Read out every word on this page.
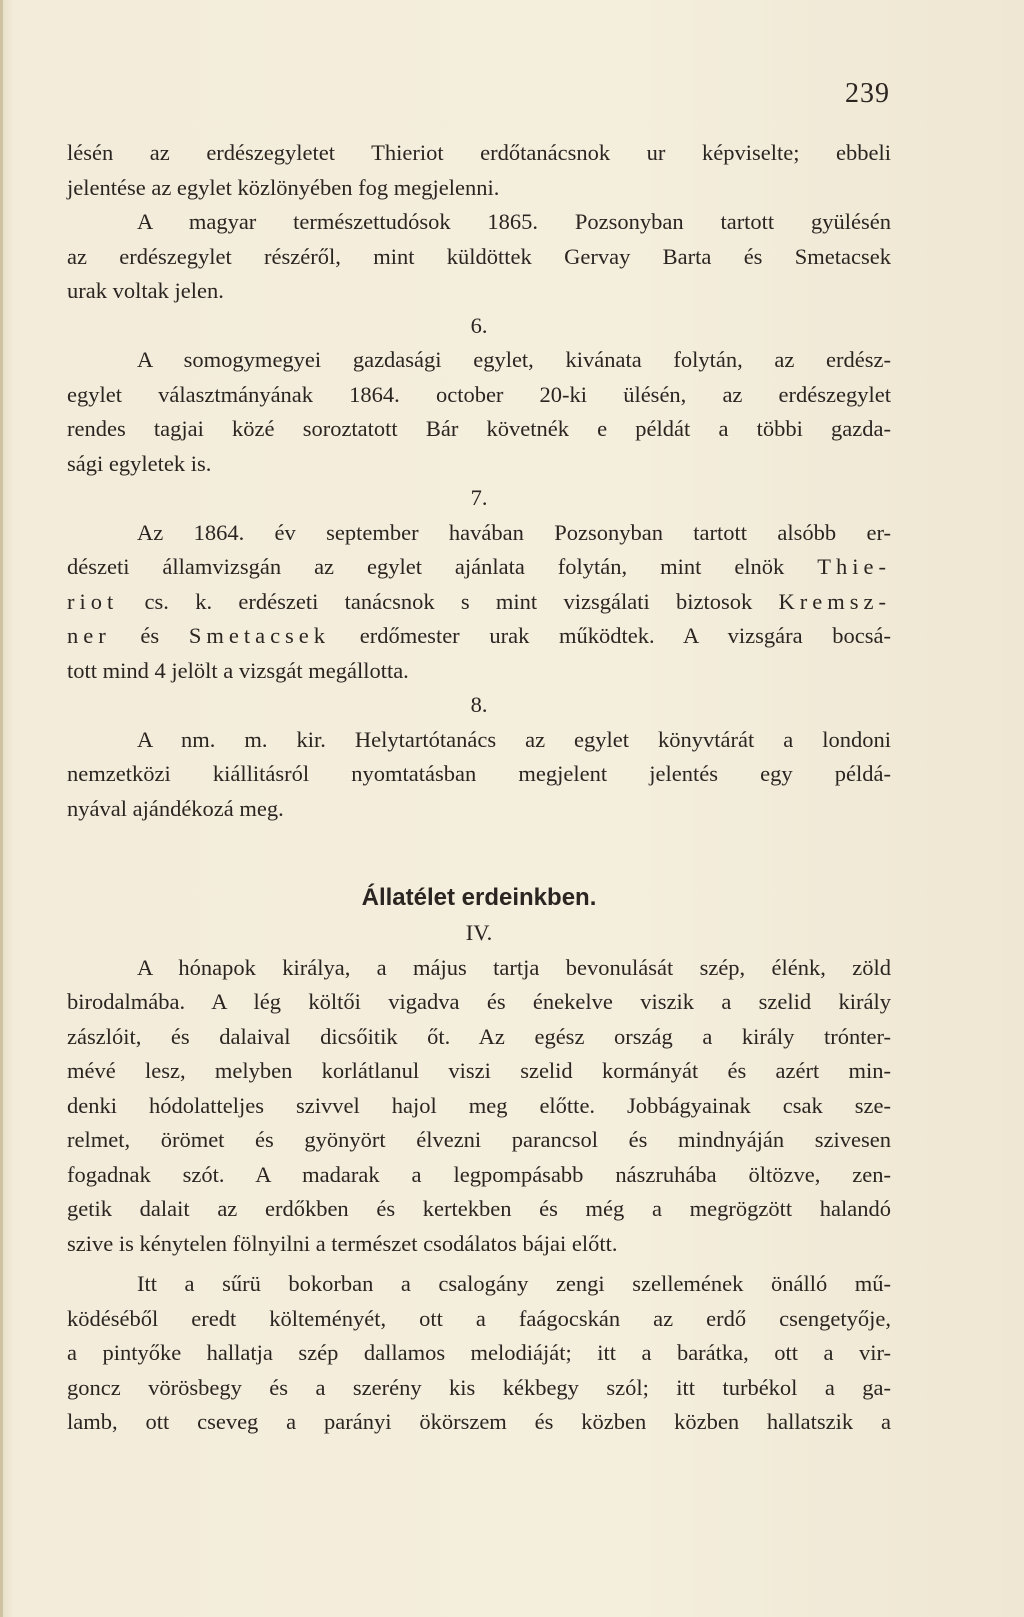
239
lésén az erdészegyletet Thieriot erdőtanácsnok ur képviselte; ebbeli
jelentése az egylet közlönyében fog megjelenni.
A magyar természettudósok 1865. Pozsonyban tartott gyülésén
az erdészegylet részéről, mint küldöttek Gervay Barta és Smetacsek
urak voltak jelen.
6.
A somogymegyei gazdasági egylet, kivánata folytán, az erdész-
egylet választmányának 1864. october 20-ki ülésén, az erdészegylet
rendes tagjai közé soroztatott Bár követnék e példát a többi gazda-
sági egyletek is.
7.
Az 1864. év september havában Pozsonyban tartott alsóbb er-
dészeti államvizsgán az egylet ajánlata folytán, mint elnök Thie-
riot cs. k. erdészeti tanácsnok s mint vizsgálati biztosok Kremsz-
ner és Smetacsek erdőmester urak működtek. A vizsgára bocsá-
tott mind 4 jelölt a vizsgát megállotta.
8.
A nm. m. kir. Helytartótanács az egylet könyvtárát a londoni
nemzetközi kiállitásról nyomtatásban megjelent jelentés egy példá-
nyával ajándékozá meg.
Állatélet erdeinkben.
IV.
A hónapok királya, a május tartja bevonulását szép, élénk, zöld
birodalmába. A lég költői vigadva és énekelve viszik a szelid király
zászlóit, és dalaival dicsőitik őt. Az egész ország a király trónter-
mévé lesz, melyben korlátlanul viszi szelid kormányát és azért min-
denki hódolatteljes szivvel hajol meg előtte. Jobbágyainak csak sze-
relmet, örömet és gyönyört élvezni parancsol és mindnyáján szivesen
fogadnak szót. A madarak a legpompásabb nászruhába öltözve, zen-
getik dalait az erdőkben és kertekben és még a megrögzött halandó
szive is kénytelen fölnyilni a természet csodálatos bájai előtt.
Itt a sűrü bokorban a csalogány zengi szellemének önálló mű-
ködéséből eredt költeményét, ott a faágocskán az erdő csengetyője,
a pintyőke hallatja szép dallamos melodiáját; itt a barátka, ott a vir-
goncz vörösbegy és a szerény kis kékbegy szól; itt turbékol a ga-
lamb, ott cseveg a parányi ökörszem és közben közben hallatszik a
